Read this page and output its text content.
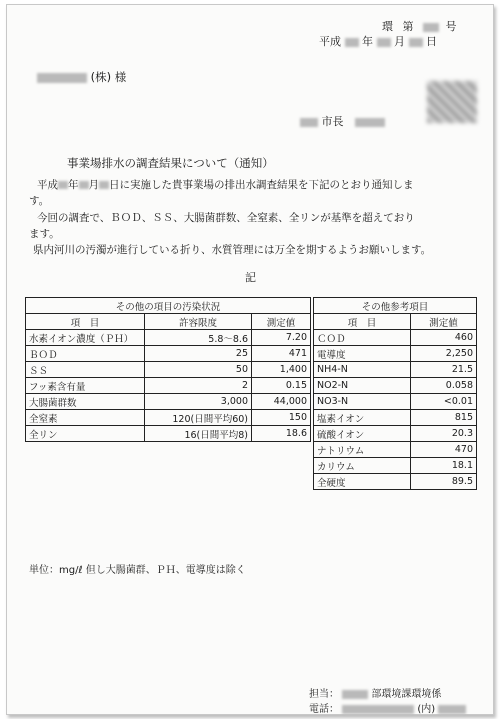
環 第	号
平成 年 月 日
(株) 様
市長
事業場排水の調査結果について（通知）
平成 年 月 日に実施した貴事業場の排出水調査結果を下記のとおり通知しま
す。
今回の調査で、ＢＯＤ、ＳＳ、大腸菌群数、全窒素、全リンが基準を超えており
ます。
県内河川の汚濁が進行している折り、水質管理には万全を期するようお願いします。
記
その他の項目の汚染状況		
項　目	許容限度	測定値
水素イオン濃度（ＰＨ）	5.8～8.6	7.20
ＢＯＤ	25	471
ＳＳ	50	1,400
フッ素含有量	2	0.15
大腸菌群数	3,000	44,000
全窒素	120(日間平均60)	150
全リン	16(日間平均8)	18.6
その他参考項目	
項　目	測定値
ＣＯＤ	460
電導度	2,250
NH4-N	21.5
NO2-N	0.058
NO3-N	<0.01
塩素イオン	815
硫酸イオン	20.3
ナトリウム	470
カリウム	18.1
全硬度	89.5
単位：mg/ℓ 但し大腸菌群、ＰＨ、電導度は除く
担当：	部環境課環境係
電話：	(内)
